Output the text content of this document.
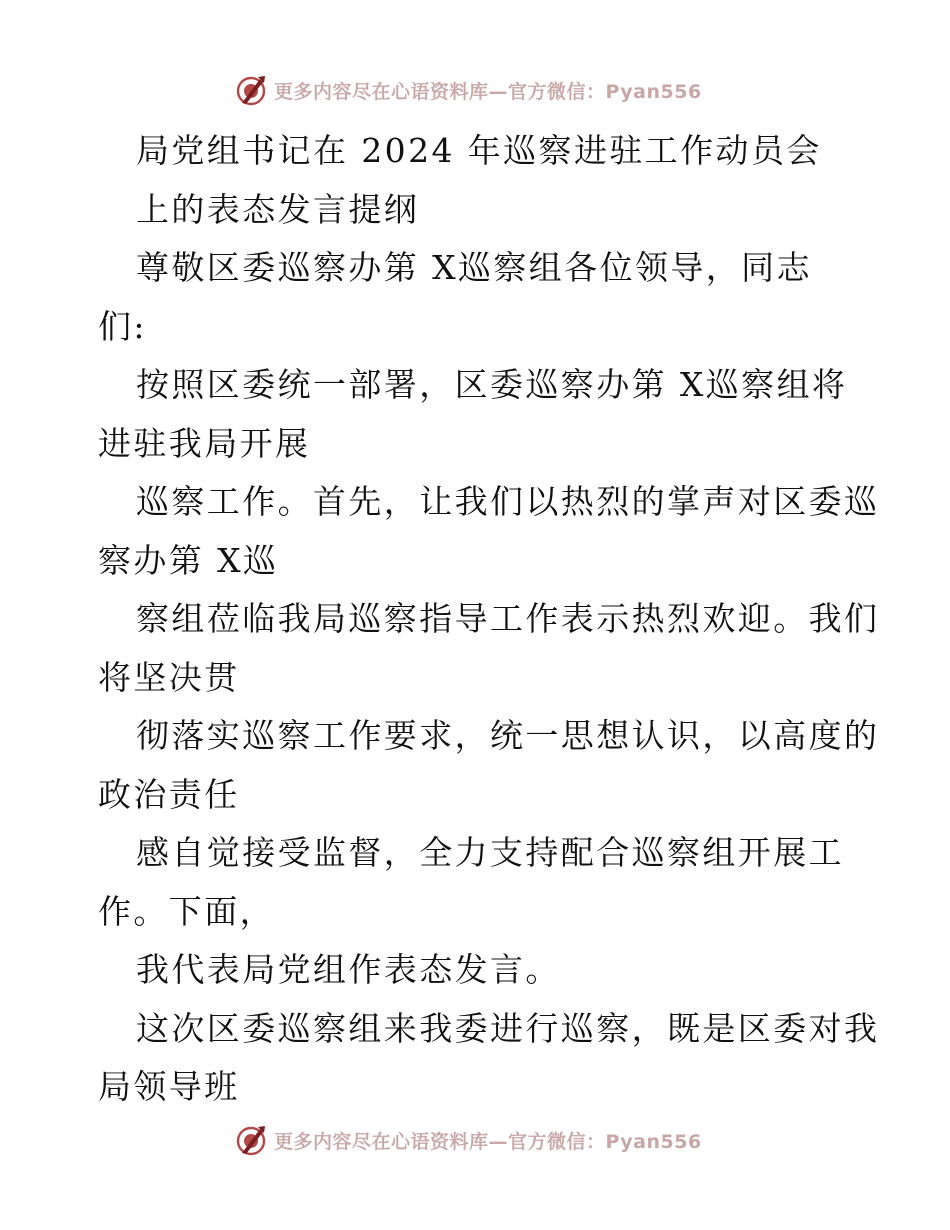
更多内容尽在心语资料库—官方微信：Pyan556
局党组书记在 2024 年巡察进驻工作动员会
上的表态发言提纲
尊敬区委巡察办第 X巡察组各位领导，同志
们:
按照区委统一部署，区委巡察办第 X巡察组将
进驻我局开展
巡察工作。首先，让我们以热烈的掌声对区委巡
察办第 X巡
察组莅临我局巡察指导工作表示热烈欢迎。我们
将坚决贯
彻落实巡察工作要求，统一思想认识，以高度的
政治责任
感自觉接受监督，全力支持配合巡察组开展工
作。下面，
我代表局党组作表态发言。
这次区委巡察组来我委进行巡察，既是区委对我
局领导班
更多内容尽在心语资料库—官方微信：Pyan556
